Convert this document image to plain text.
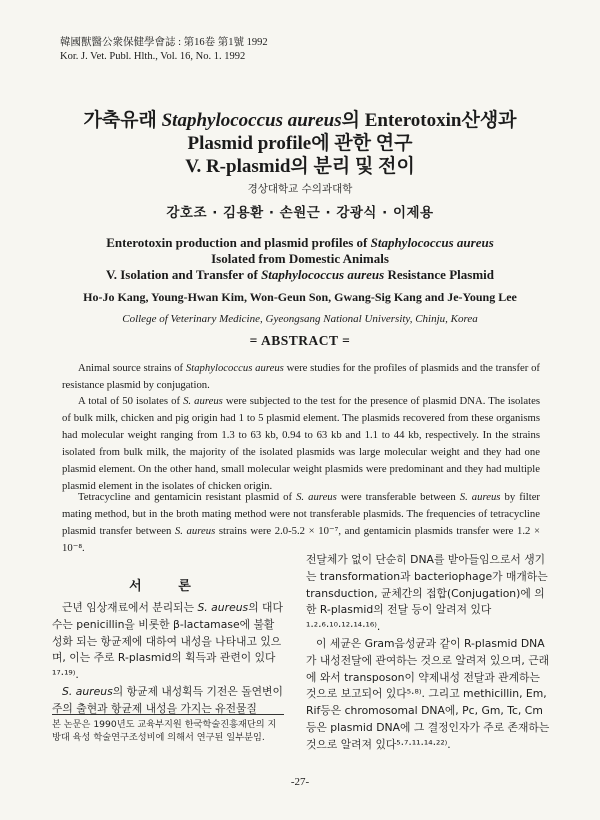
韓國獸醫公衆保健學會誌 : 第16卷 第1號 1992
Kor. J. Vet. Publ. Hlth., Vol. 16, No. 1. 1992
가축유래 Staphylococcus aureus의 Enterotoxin산생과
Plasmid profile에 관한 연구
V. R-plasmid의 분리 및 전이
경상대학교 수의과대학
강호조 · 김용환 · 손원근 · 강광식 · 이제용
Enterotoxin production and plasmid profiles of Staphylococcus aureus
Isolated from Domestic Animals
V. Isolation and Transfer of Staphylococcus aureus Resistance Plasmid
Ho-Jo Kang, Young-Hwan Kim, Won-Geun Son, Gwang-Sig Kang and Je-Young Lee
College of Veterinary Medicine, Gyeongsang National University, Chinju, Korea
= ABSTRACT =

Animal source strains of Staphylococcus aureus were studies for the profiles of plasmids and the transfer of resistance plasmid by conjugation.

A total of 50 isolates of S. aureus were subjected to the test for the presence of plasmid DNA. The isolates of bulk milk, chicken and pig origin had 1 to 5 plasmid element. The plasmids recovered from these organisms had molecular weight ranging from 1.3 to 63 kb, 0.94 to 63 kb and 1.1 to 44 kb, respectively. In the strains isolated from bulk milk, the majority of the isolated plasmids was large molecular weight and they had one plasmid element. On the other hand, small molecular weight plasmids were predominant and they had multiple plasmid element in the isolates of chicken origin.

Tetracycline and gentamicin resistant plasmid of S. aureus were transferable between S. aureus by filter mating method, but in the broth mating method were not transferable plasmids. The frequencies of tetracycline plasmid transfer between S. aureus strains were 2.0-5.2 × 10⁻⁷, and gentamicin plasmids transfer were 1.2 × 10⁻⁸.

서 론

근년 임상재료에서 분리되는 S. aureus의 대다수는 penicillin을 비롯한 β-lactamase에 불활성화 되는 항균제에 대하여 내성을 나타내고 있으며, 이는 주로 R-plasmid의 획득과 관련이 있다¹⁷·¹⁹⁾.

S. aureus의 항균제 내성획득 기전은 돌연변이주의 출현과 항균제 내성을 가지는 유전물질

전달체가 없이 단순히 DNA를 받아들임으로서 생기는 transformation과 bacteriophage가 매개하는 transduction, 균체간의 접합(Conjugation)에 의한 R-plasmid의 전달 등이 알려져 있다¹·²·⁶·¹⁰·¹²·¹⁴·¹⁶⁾.

이 세균은 Gram음성균과 같이 R-plasmid DNA가 내성전달에 관여하는 것으로 알려져 있으며, 근래에 와서 transposon이 약제내성 전달과 관계하는 것으로 보고되어 있다⁵·⁸⁾. 그리고 methicillin, Em, Rif등은 chromosomal DNA에, Pc, Gm, Tc, Cm등은 plasmid DNA에 그 결정인자가 주로 존재하는 것으로 알려져 있다⁵·⁷·¹¹·¹⁴·²²⁾.

본 논문은 1990년도 교육부지원 한국학술진흥재단의 지방대 육성 학술연구조성비에 의해서 연구된 일부분임.
-27-
